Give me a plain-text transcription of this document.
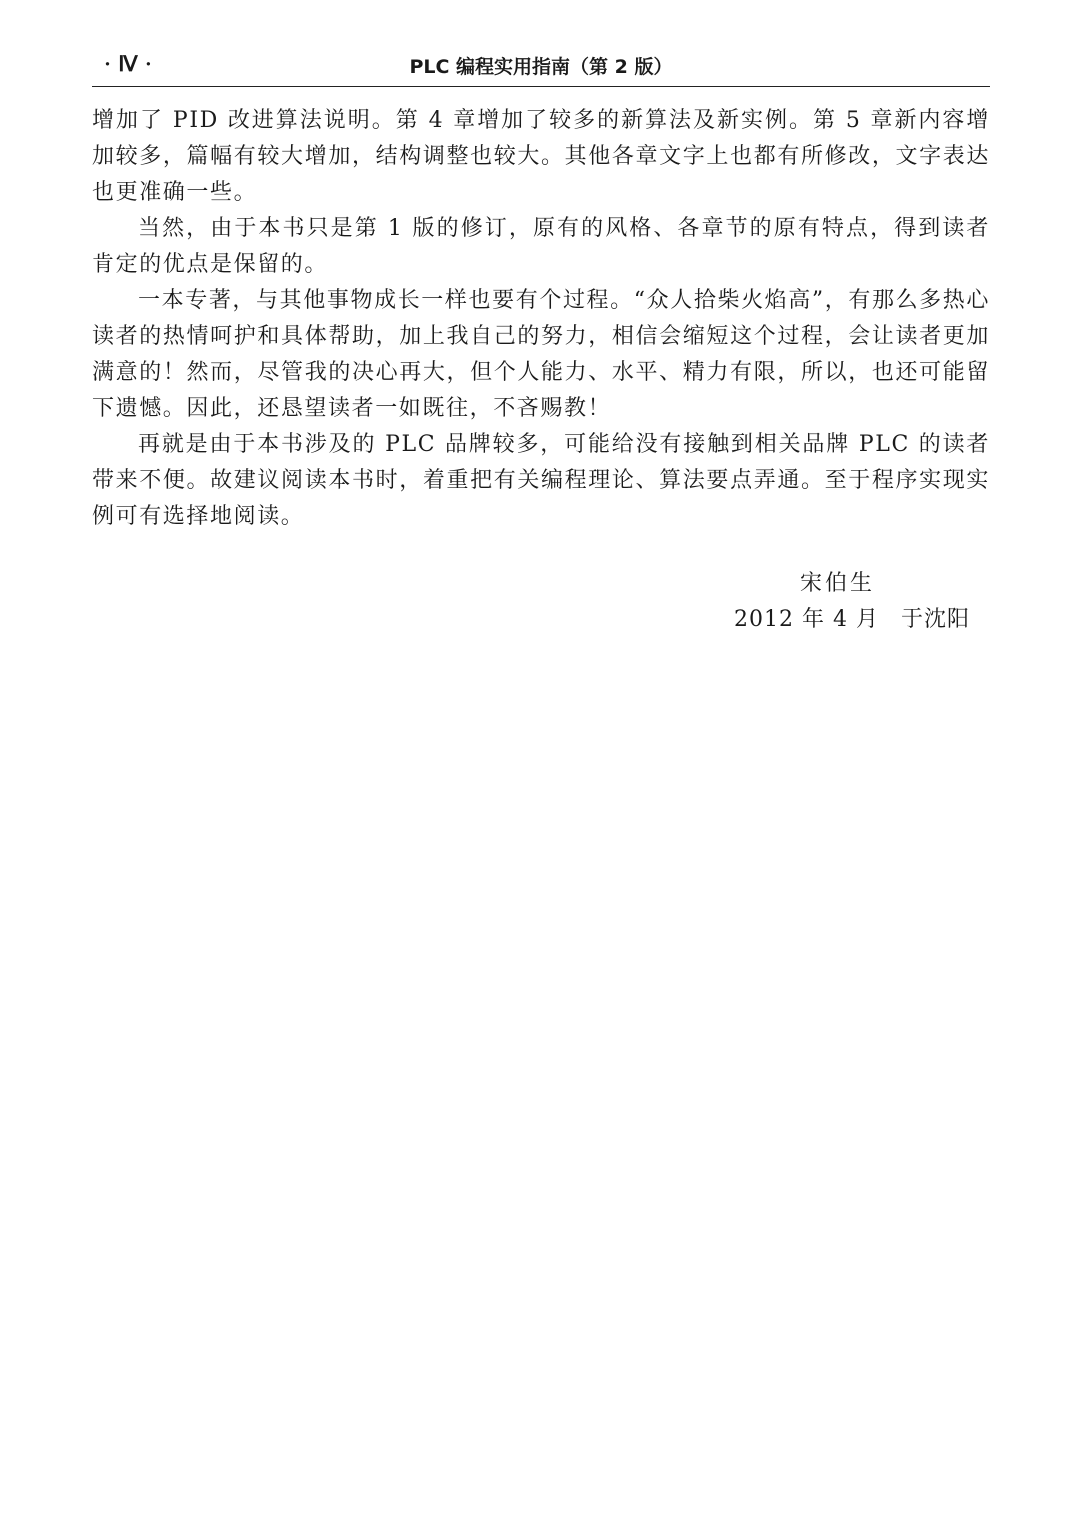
· Ⅳ ·	PLC 编程实用指南（第 2 版）

增加了 PID 改进算法说明。第 4 章增加了较多的新算法及新实例。第 5 章新内容增加较多，篇幅有较大增加，结构调整也较大。其他各章文字上也都有所修改，文字表达也更准确一些。

当然，由于本书只是第 1 版的修订，原有的风格、各章节的原有特点，得到读者肯定的优点是保留的。

一本专著，与其他事物成长一样也要有个过程。“众人拾柴火焰高”，有那么多热心读者的热情呵护和具体帮助，加上我自己的努力，相信会缩短这个过程，会让读者更加满意的！然而，尽管我的决心再大，但个人能力、水平、精力有限，所以，也还可能留下遗憾。因此，还恳望读者一如既往，不吝赐教！

再就是由于本书涉及的 PLC 品牌较多，可能给没有接触到相关品牌 PLC 的读者带来不便。故建议阅读本书时，着重把有关编程理论、算法要点弄通。至于程序实现实例可有选择地阅读。

宋伯生
2012 年 4 月 于沈阳
